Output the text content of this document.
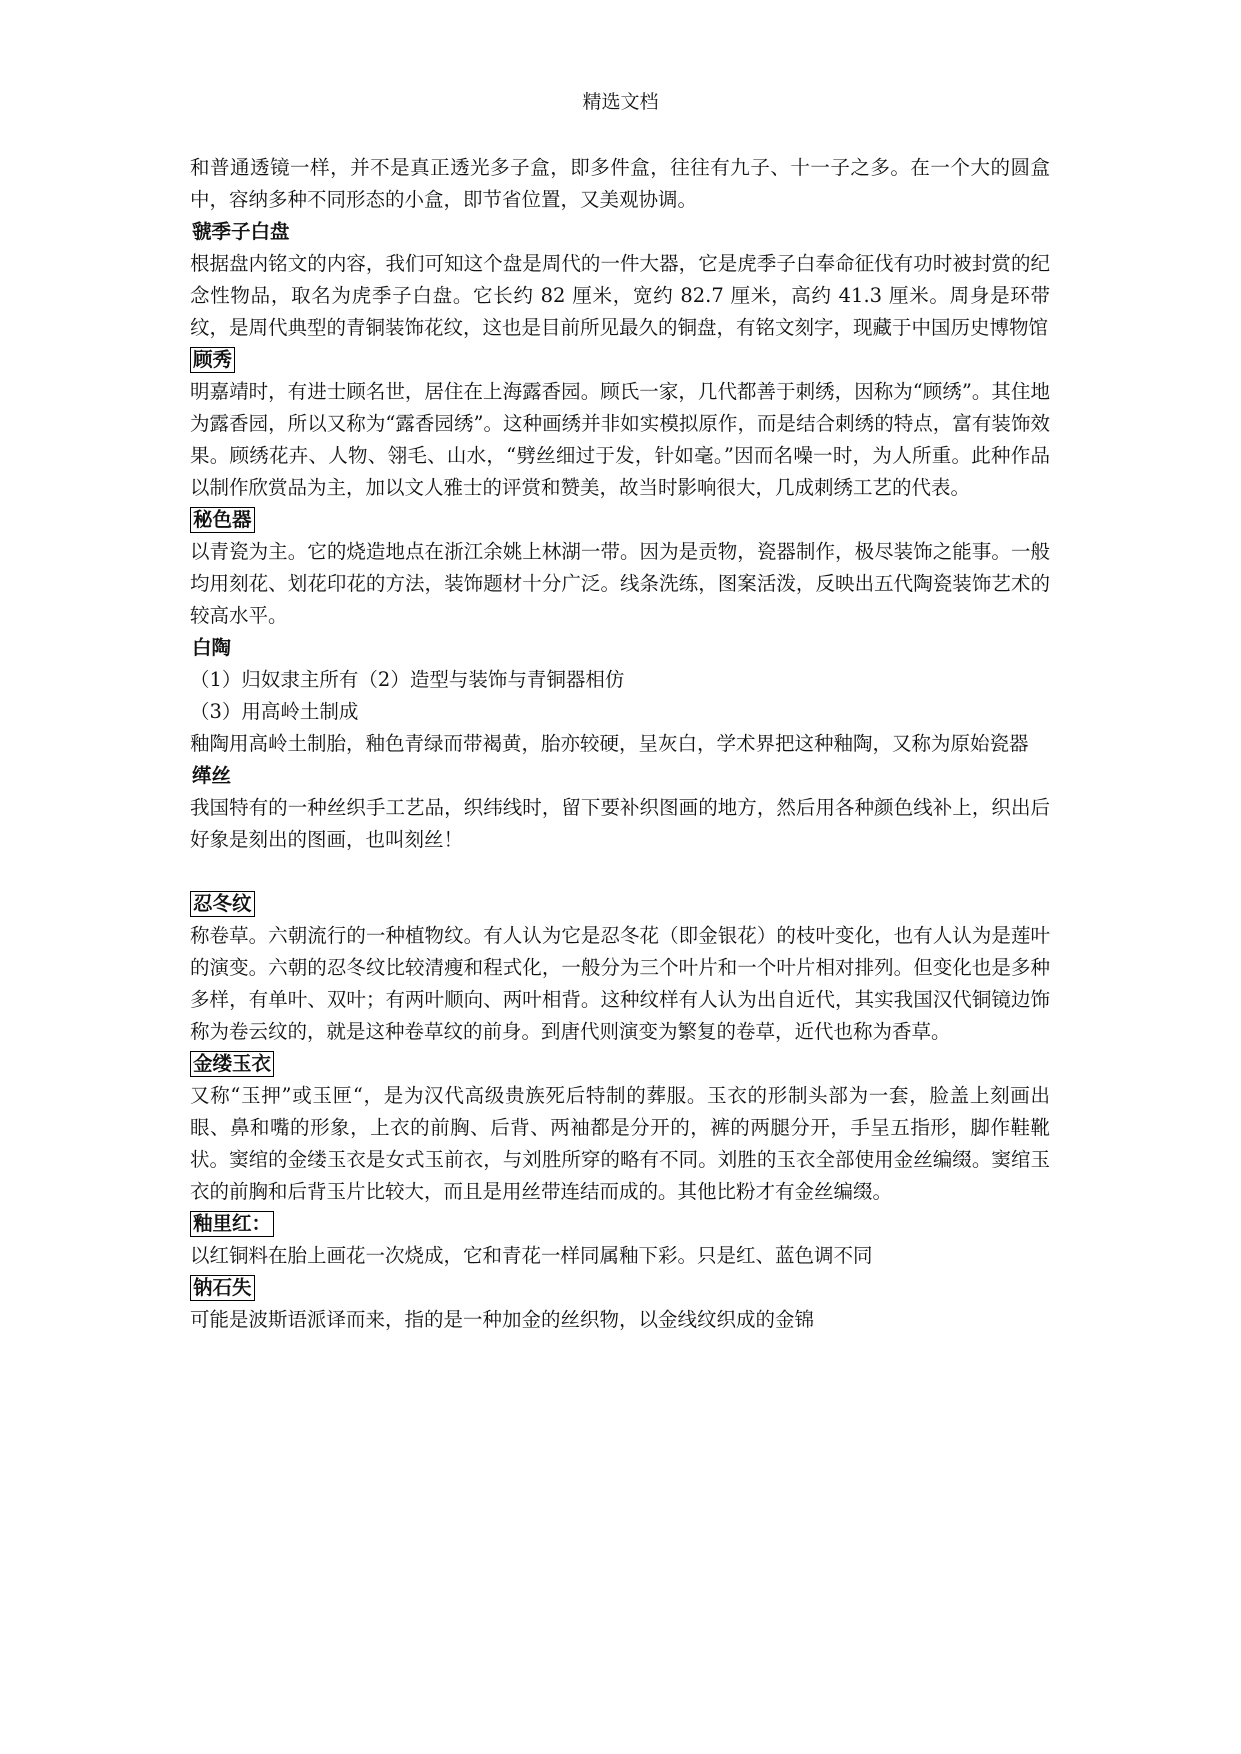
精选文档

和普通透镜一样，并不是真正透光多子盒，即多件盒，往往有九子、十一子之多。在一个大的圆盒中，容纳多种不同形态的小盒，即节省位置，又美观协调。

虢季子白盘

根据盘内铭文的内容，我们可知这个盘是周代的一件大器，它是虎季子白奉命征伐有功时被封赏的纪念性物品，取名为虎季子白盘。它长约 82 厘米，宽约 82.7 厘米，高约 41.3 厘米。周身是环带纹，是周代典型的青铜装饰花纹，这也是目前所见最久的铜盘，有铭文刻字，现藏于中国历史博物馆

顾秀

明嘉靖时，有进士顾名世，居住在上海露香园。顾氏一家，几代都善于刺绣，因称为“顾绣”。其住地为露香园，所以又称为“露香园绣”。这种画绣并非如实模拟原作，而是结合刺绣的特点，富有装饰效果。顾绣花卉、人物、翎毛、山水，“劈丝细过于发，针如毫。”因而名噪一时，为人所重。此种作品以制作欣赏品为主，加以文人雅士的评赏和赞美，故当时影响很大，几成刺绣工艺的代表。

秘色器

以青瓷为主。它的烧造地点在浙江余姚上林湖一带。因为是贡物，瓷器制作，极尽装饰之能事。一般均用刻花、划花印花的方法，装饰题材十分广泛。线条洗练，图案活泼，反映出五代陶瓷装饰艺术的较高水平。

白陶

（1）归奴隶主所有（2）造型与装饰与青铜器相仿

（3）用高岭土制成

釉陶用高岭土制胎，釉色青绿而带褐黄，胎亦较硬，呈灰白，学术界把这种釉陶，又称为原始瓷器

缂丝

我国特有的一种丝织手工艺品，织纬线时，留下要补织图画的地方，然后用各种颜色线补上，织出后好象是刻出的图画，也叫刻丝！

忍冬纹

称卷草。六朝流行的一种植物纹。有人认为它是忍冬花（即金银花）的枝叶变化，也有人认为是莲叶的演变。六朝的忍冬纹比较清瘦和程式化，一般分为三个叶片和一个叶片相对排列。但变化也是多种多样，有单叶、双叶；有两叶顺向、两叶相背。这种纹样有人认为出自近代，其实我国汉代铜镜边饰称为卷云纹的，就是这种卷草纹的前身。到唐代则演变为繁复的卷草，近代也称为香草。

金缕玉衣

又称“玉押”或玉匣“，是为汉代高级贵族死后特制的葬服。玉衣的形制头部为一套，脸盖上刻画出眼、鼻和嘴的形象，上衣的前胸、后背、两袖都是分开的，裤的两腿分开，手呈五指形，脚作鞋靴状。窦绾的金缕玉衣是女式玉前衣，与刘胜所穿的略有不同。刘胜的玉衣全部使用金丝编缀。窦绾玉衣的前胸和后背玉片比较大，而且是用丝带连结而成的。其他比粉才有金丝编缀。

釉里红：

以红铜料在胎上画花一次烧成，它和青花一样同属釉下彩。只是红、蓝色调不同

钠石失

可能是波斯语派译而来，指的是一种加金的丝织物，以金线纹织成的金锦
